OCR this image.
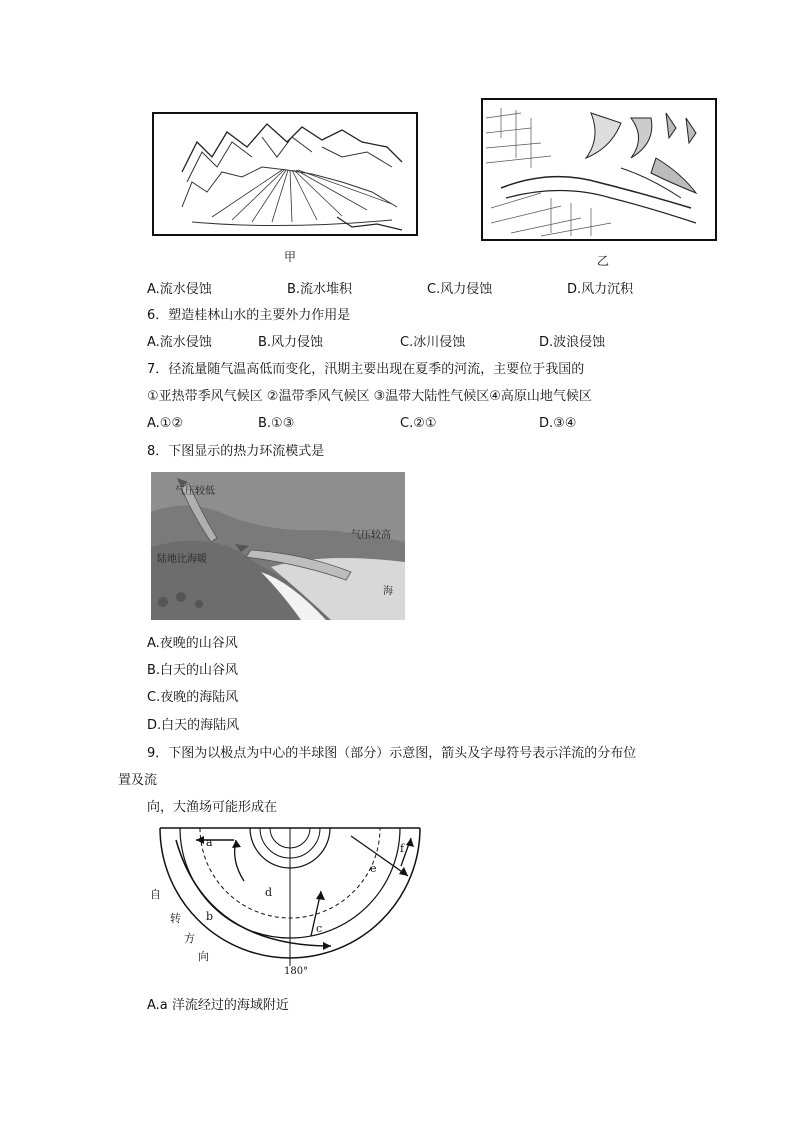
甲	乙
A.流水侵蚀	B.流水堆积	C.风力侵蚀	D.风力沉积
6．塑造桂林山水的主要外力作用是
A.流水侵蚀	B.风力侵蚀	C.冰川侵蚀	D.波浪侵蚀
7．径流量随气温高低而变化，汛期主要出现在夏季的河流，主要位于我国的
①亚热带季风气候区 ②温带季风气候区 ③温带大陆性气候区④高原山地气候区
A.①②	B.①③	C.②①	D.③④
8．下图显示的热力环流模式是
气压较低
气压较高
陆地比海暖
海
A.夜晚的山谷风
B.白天的山谷风
C.夜晚的海陆风
D.白天的海陆风
9．下图为以极点为中心的半球图（部分）示意图，箭头及字母符号表示洋流的分布位
置及流
向，大渔场可能形成在
a
b
c
d
e
f
自
转
方
向
180°
A.a 洋流经过的海域附近
